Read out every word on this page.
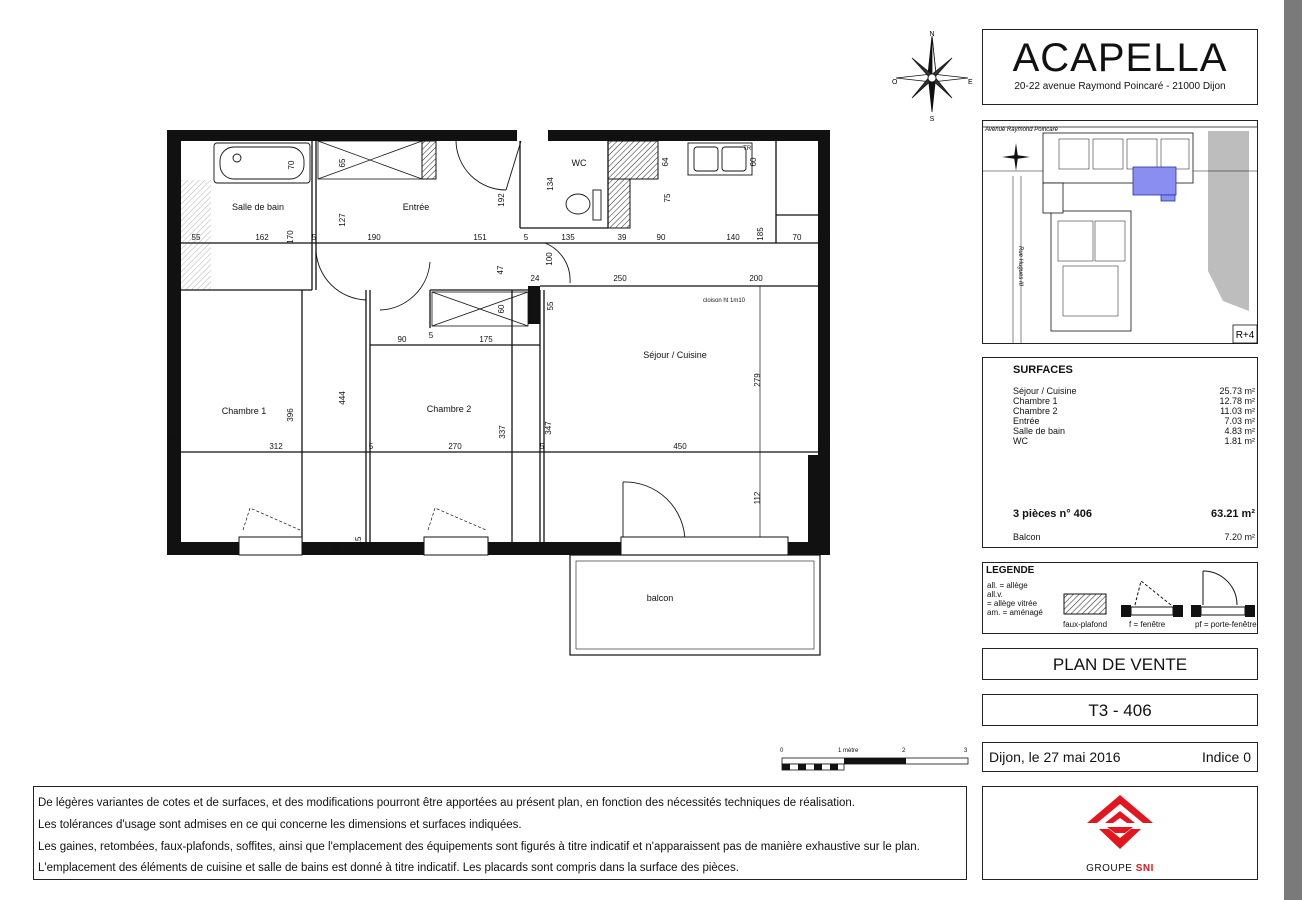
Salle de bain	Entrée
WC
Séjour / Cuisine
Chambre 1	Chambre 2
balcon
cloison ht 1m10
162 170 5	190	151	5	135	39	90	140 185	70 18
312	5	270	5	450
18
90	5	175
250	200
24
18
396
444
337	347
279
112
65
127
192
134
64
75
47
55
100
60
16
15
70
55
TRI
60
N
E
S
O
ACAPELLA
20-22 avenue Raymond Poincaré - 21000 Dijon
Avenue Raymond Poincaré
Rue Hugues III
R+4
SURFACES
Séjour / Cuisine	25.73 m²
Chambre 1	12.78 m²
Chambre 2	11.03 m²
Entrée	7.03 m²
Salle de bain	4.83 m²
WC	1.81 m²
3 pièces n° 406	63.21 m²
Balcon	7.20 m²
LEGENDE
all. = allège
all.v.
= allège vitrée
am. = aménagé
faux-plafond	f = fenêtre	pf = porte-fenêtre
PLAN DE VENTE
T3 - 406
Dijon, le 27 mai 2016	Indice 0
0	1 mètre	2	3
De légères variantes de cotes et de surfaces, et des modifications pourront être apportées au présent plan, en fonction des nécessités techniques de réalisation.
Les tolérances d'usage sont admises en ce qui concerne les dimensions et surfaces indiquées.
Les gaines, retombées, faux-plafonds, soffites, ainsi que l'emplacement des équipements sont figurés à titre indicatif et n'apparaissent pas de manière exhaustive sur le plan.
L'emplacement des éléments de cuisine et salle de bains est donné à titre indicatif. Les placards sont compris dans la surface des pièces.	GROUPE SNI
